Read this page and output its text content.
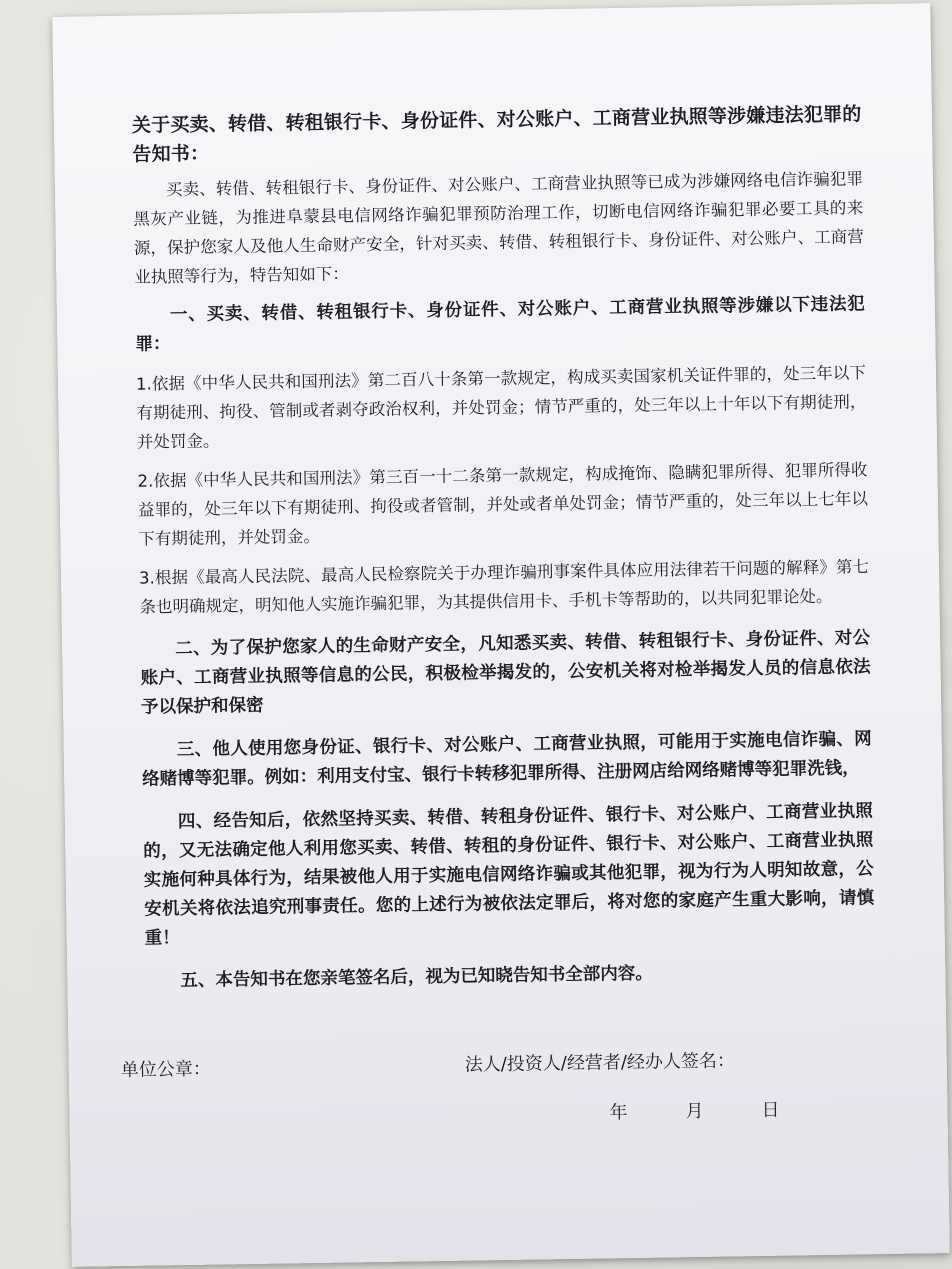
关于买卖、转借、转租银行卡、身份证件、对公账户、工商营业执照等涉嫌违法犯罪的告知书：

买卖、转借、转租银行卡、身份证件、对公账户、工商营业执照等已成为涉嫌网络电信诈骗犯罪黑灰产业链，为推进阜蒙县电信网络诈骗犯罪预防治理工作，切断电信网络诈骗犯罪必要工具的来源，保护您家人及他人生命财产安全，针对买卖、转借、转租银行卡、身份证件、对公账户、工商营业执照等行为，特告知如下：

一、买卖、转借、转租银行卡、身份证件、对公账户、工商营业执照等涉嫌以下违法犯罪：

1.依据《中华人民共和国刑法》第二百八十条第一款规定，构成买卖国家机关证件罪的，处三年以下有期徒刑、拘役、管制或者剥夺政治权利，并处罚金；情节严重的，处三年以上十年以下有期徒刑，并处罚金。

2.依据《中华人民共和国刑法》第三百一十二条第一款规定，构成掩饰、隐瞒犯罪所得、犯罪所得收益罪的，处三年以下有期徒刑、拘役或者管制，并处或者单处罚金；情节严重的，处三年以上七年以下有期徒刑，并处罚金。

3.根据《最高人民法院、最高人民检察院关于办理诈骗刑事案件具体应用法律若干问题的解释》第七条也明确规定，明知他人实施诈骗犯罪，为其提供信用卡、手机卡等帮助的，以共同犯罪论处。

二、为了保护您家人的生命财产安全，凡知悉买卖、转借、转租银行卡、身份证件、对公账户、工商营业执照等信息的公民，积极检举揭发的，公安机关将对检举揭发人员的信息依法予以保护和保密

三、他人使用您身份证、银行卡、对公账户、工商营业执照，可能用于实施电信诈骗、网络赌博等犯罪。例如：利用支付宝、银行卡转移犯罪所得、注册网店给网络赌博等犯罪洗钱，

四、经告知后，依然坚持买卖、转借、转租身份证件、银行卡、对公账户、工商营业执照的，又无法确定他人利用您买卖、转借、转租的身份证件、银行卡、对公账户、工商营业执照实施何种具体行为，结果被他人用于实施电信网络诈骗或其他犯罪，视为行为人明知故意，公安机关将依法追究刑事责任。您的上述行为被依法定罪后，将对您的家庭产生重大影响，请慎重！

五、本告知书在您亲笔签名后，视为已知晓告知书全部内容。

单位公章：	法人/投资人/经营者/经办人签名：
年	月	日
